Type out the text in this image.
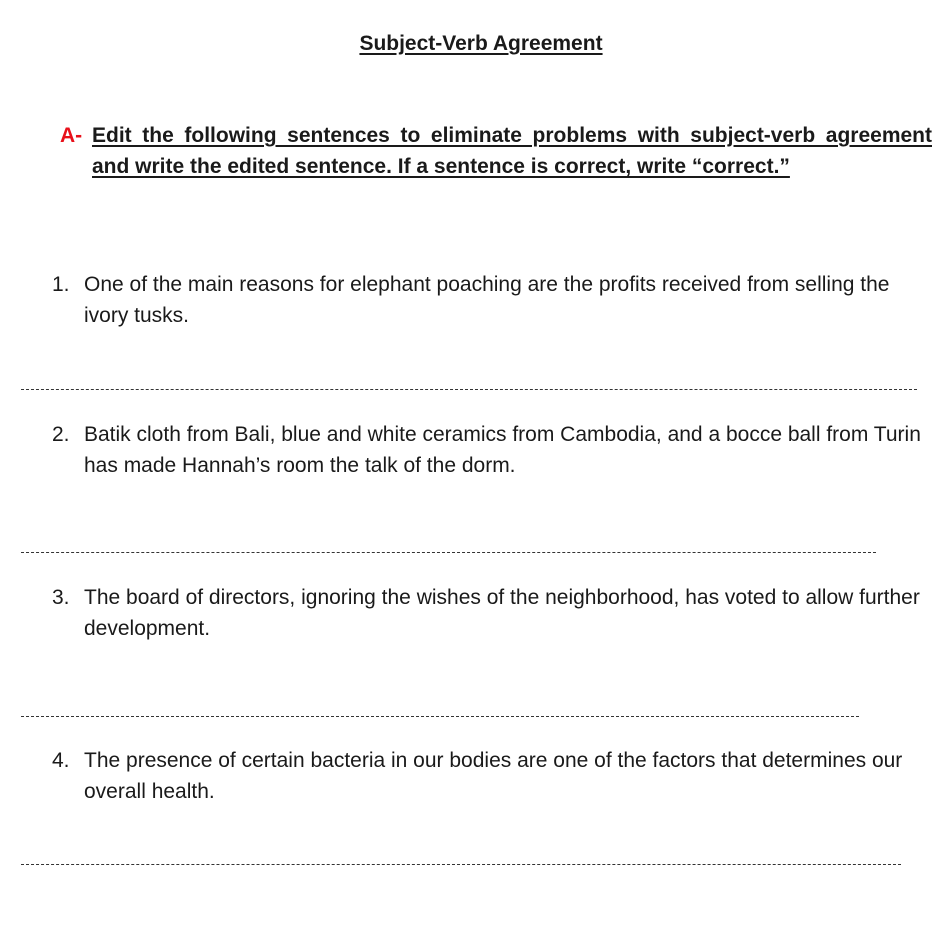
Subject-Verb Agreement
A- Edit the following sentences to eliminate problems with subject-verb agreement and write the edited sentence. If a sentence is correct, write “correct.”
1. One of the main reasons for elephant poaching are the profits received from selling the ivory tusks.
2. Batik cloth from Bali, blue and white ceramics from Cambodia, and a bocce ball from Turin has made Hannah’s room the talk of the dorm.
3. The board of directors, ignoring the wishes of the neighborhood, has voted to allow further development.
4. The presence of certain bacteria in our bodies are one of the factors that determines our overall health.
